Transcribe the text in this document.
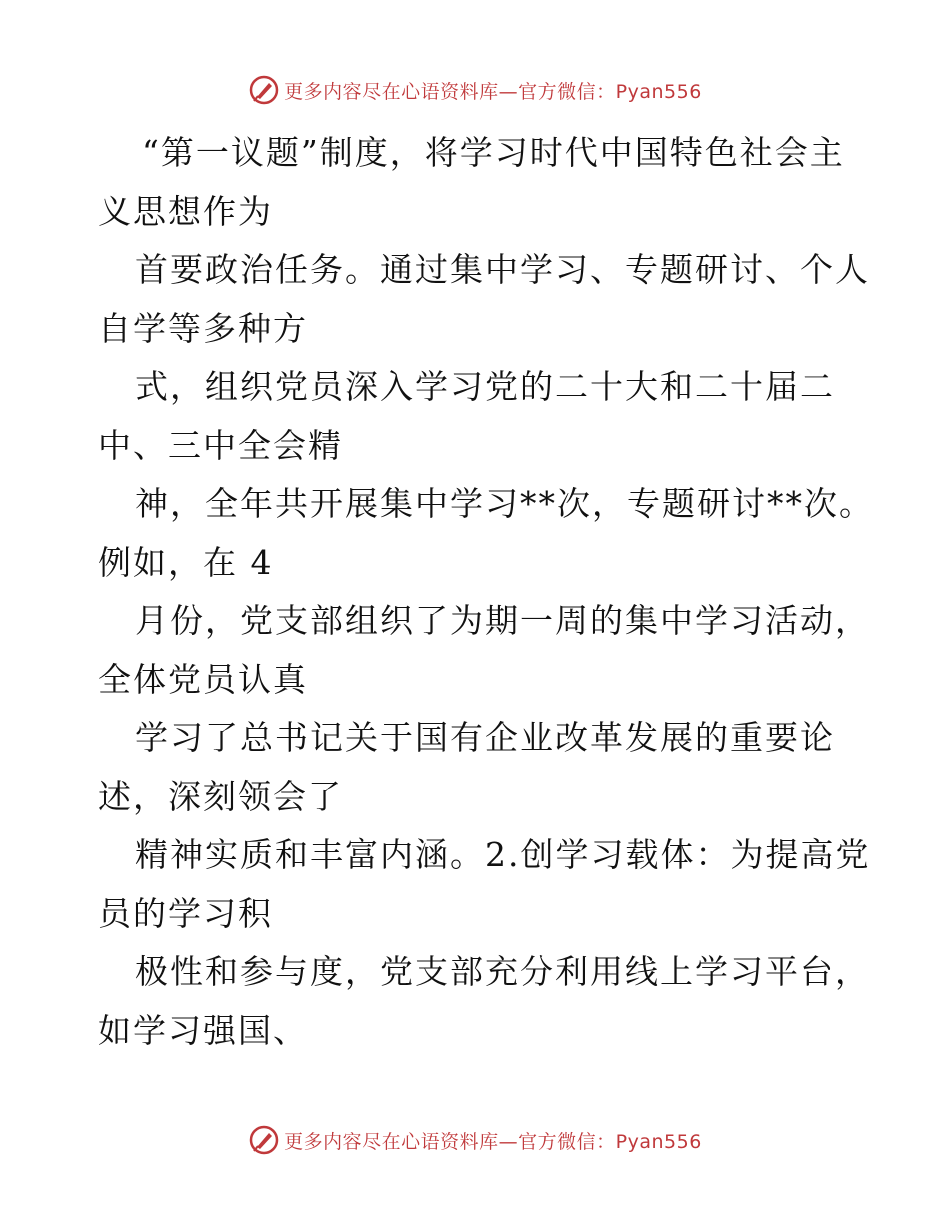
更多内容尽在心语资料库—官方微信：Pyan556
“第一议题”制度，将学习时代中国特色社会主
义思想作为
首要政治任务。通过集中学习、专题研讨、个人
自学等多种方
式，组织党员深入学习党的二十大和二十届二
中、三中全会精
神，全年共开展集中学习**次，专题研讨**次。
例如，在 4
月份，党支部组织了为期一周的集中学习活动，
全体党员认真
学习了总书记关于国有企业改革发展的重要论
述，深刻领会了
精神实质和丰富内涵。2.创学习载体：为提高党
员的学习积
极性和参与度，党支部充分利用线上学习平台，
如学习强国、
更多内容尽在心语资料库—官方微信：Pyan556
